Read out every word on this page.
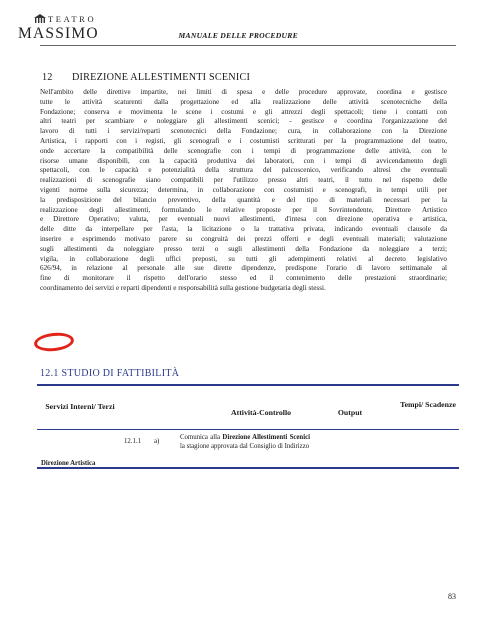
TEATRO
MASSIMO	MANUALE DELLE PROCEDURE
12 DIREZIONE ALLESTIMENTI SCENICI
Nell'ambito delle direttive impartite, nei limiti di spesa e delle procedure approvate, coordina e gestisce
tutte le attività scaturenti dalla progettazione ed alla realizzazione delle attività scenotecniche della
Fondazione; conserva e movimenta le scene i costumi e gli attrezzi degli spettacoli; tiene i contatti con
altri teatri per scambiare e noleggiare gli allestimenti scenici; - gestisce e coordina l'organizzazione del
lavoro di tutti i servizi/reparti scenotecnici della Fondazione; cura, in collaborazione con la Direzione
Artistica, i rapporti con i registi, gli scenografi e i costumisti scritturati per la programmazione del teatro,
onde accertare la compatibilità delle scenografie con i tempi di programmazione delle attività, con le
risorse umane disponibili, con la capacità produttiva dei laboratori, con i tempi di avvicendamento degli
spettacoli, con le capacità e potenzialità della struttura del palcoscenico, verificando altresì che eventuali
realizzazioni di scenografie siano compatibili per l'utilizzo presso altri teatri, il tutto nel rispetto delle
vigenti norme sulla sicurezza; determina, in collaborazione con costumisti e scenografi, in tempi utili per
la predisposizione del bilancio preventivo, della quantità e del tipo di materiali necessari per la
realizzazione degli allestimenti, formulando le relative proposte per il Sovrintendente, Direttore Artistico
e Direttore Operativo; valuta, per eventuali nuovi allestimenti, d'intesa con direzione operativa e artistica,
delle ditte da interpellare per l'asta, la licitazione o la trattativa privata, indicando eventuali clausole da
inserire e esprimendo motivato parere su congruità dei prezzi offerti e degli eventuali materiali; valutazione
sugli allestimenti da noleggiare presso terzi o sugli allestimenti della Fondazione da noleggiare a terzi;
vigila, in collaborazione degli uffici preposti, su tutti gli adempimenti relativi al decreto legislativo
626/94, in relazione al personale alle sue dirette dipendenze, predispone l'orario di lavoro settimanale al
fine di monitorare il rispetto dell'orario stesso ed il contenimento delle prestazioni straordinarie;
coordinamento dei servizi e reparti dipendenti e responsabilità sulla gestione budgetaria degli stessi.
12.1 STUDIO DI FATTIBILITÀ
Servizi Interni/ Terzi
Attività-Controllo	Output
Tempi/ Scadenze
Direzione Artistica
12.1.1 a)
Comunica alla Direzione Allestimenti Scenici la stagione approvata dal Consiglio di Indirizzo
83
